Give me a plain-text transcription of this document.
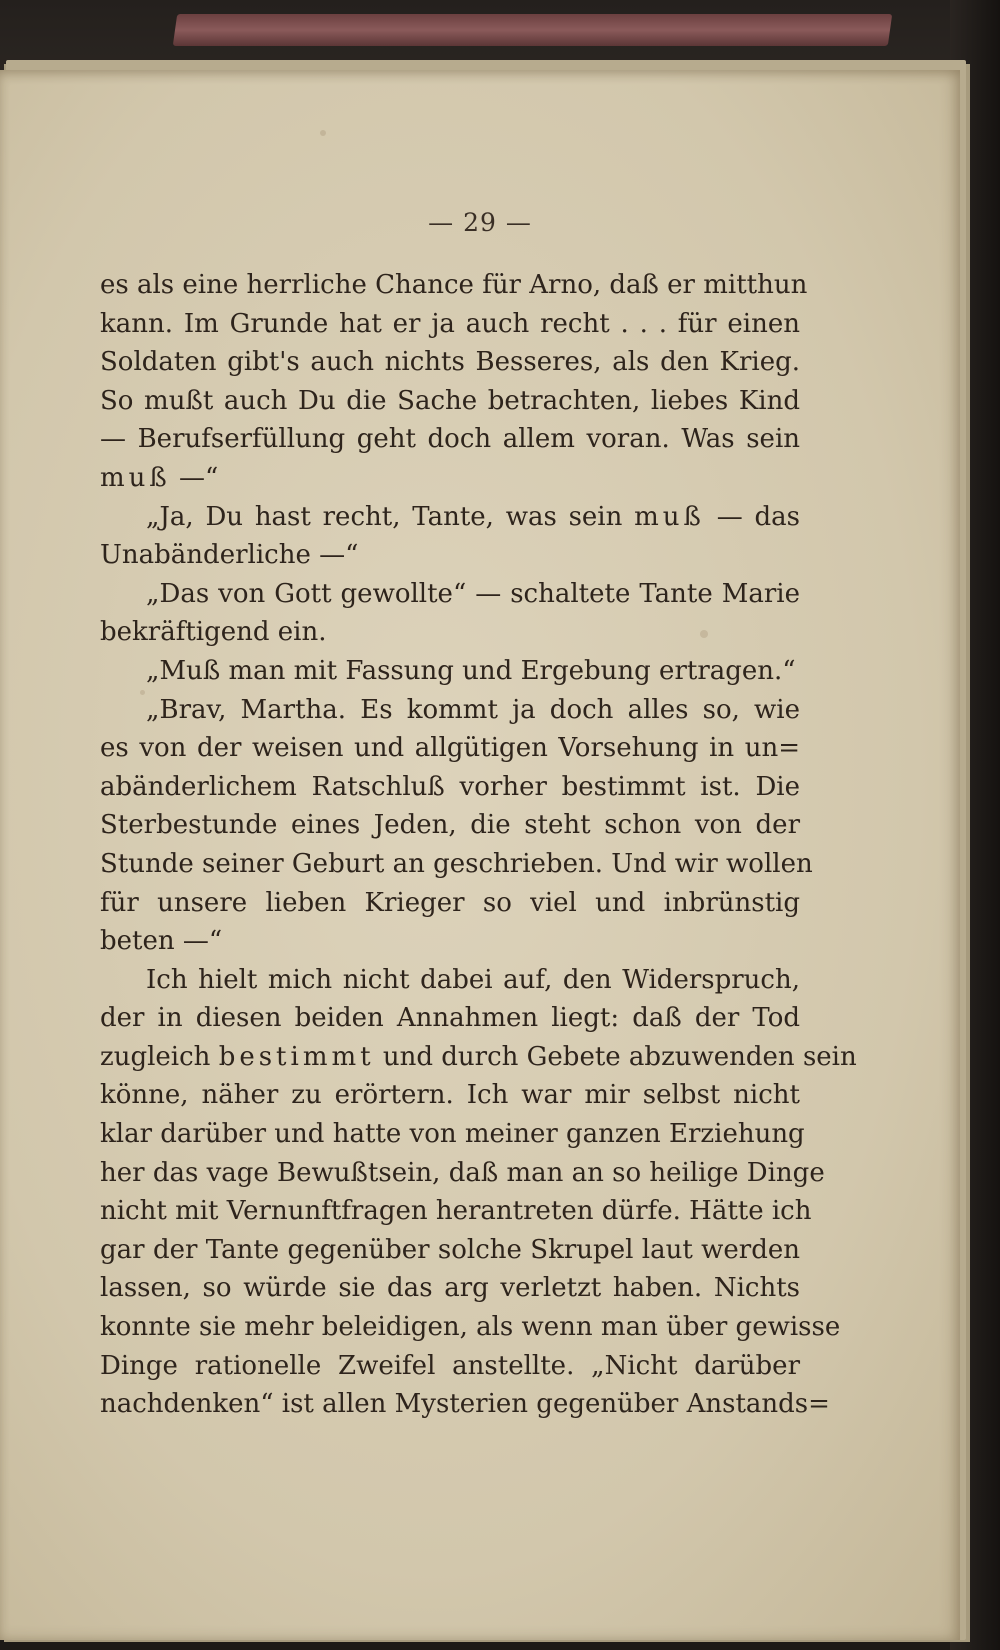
— 29 —
es als eine herrliche Chance für Arno, daß er mitthun
kann. Im Grunde hat er ja auch recht . . . für einen
Soldaten gibt's auch nichts Besseres, als den Krieg.
So mußt auch Du die Sache betrachten, liebes Kind
— Berufserfüllung geht doch allem voran. Was sein
muß —“
„Ja, Du hast recht, Tante, was sein muß — das
Unabänderliche —“
„Das von Gott gewollte“ — schaltete Tante Marie
bekräftigend ein.
„Muß man mit Fassung und Ergebung ertragen.“
„Brav, Martha. Es kommt ja doch alles so, wie
es von der weisen und allgütigen Vorsehung in un=
abänderlichem Ratschluß vorher bestimmt ist. Die
Sterbestunde eines Jeden, die steht schon von der
Stunde seiner Geburt an geschrieben. Und wir wollen
für unsere lieben Krieger so viel und inbrünstig
beten —“
Ich hielt mich nicht dabei auf, den Widerspruch,
der in diesen beiden Annahmen liegt: daß der Tod
zugleich bestimmt und durch Gebete abzuwenden sein
könne, näher zu erörtern. Ich war mir selbst nicht
klar darüber und hatte von meiner ganzen Erziehung
her das vage Bewußtsein, daß man an so heilige Dinge
nicht mit Vernunftfragen herantreten dürfe. Hätte ich
gar der Tante gegenüber solche Skrupel laut werden
lassen, so würde sie das arg verletzt haben. Nichts
konnte sie mehr beleidigen, als wenn man über gewisse
Dinge rationelle Zweifel anstellte. „Nicht darüber
nachdenken“ ist allen Mysterien gegenüber Anstands=
